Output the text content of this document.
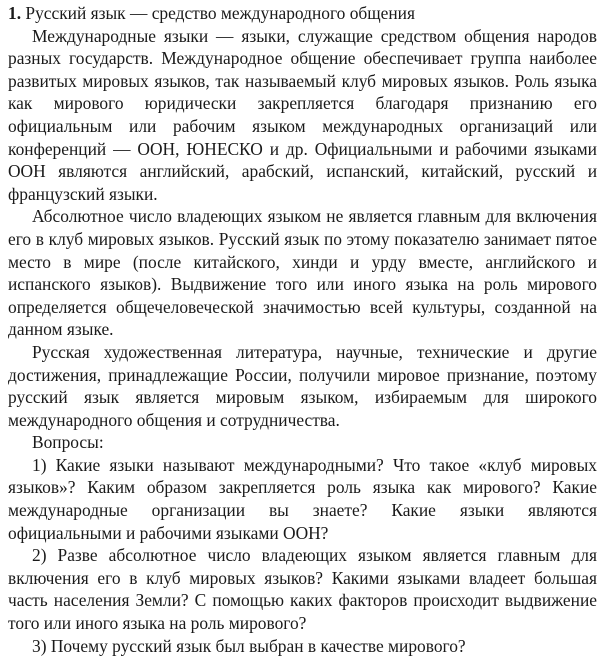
1. Русский язык — средство международного общения

Международные языки — языки, служащие средством общения народов разных государств. Международное общение обеспечивает группа наиболее развитых мировых языков, так называемый клуб мировых языков. Роль языка как мирового юридически закрепляется благодаря признанию его официальным или рабочим языком международных организаций или конференций — ООН, ЮНЕСКО и др. Официальными и рабочими языками ООН являются английский, арабский, испанский, китайский, русский и французский языки.

Абсолютное число владеющих языком не является главным для включения его в клуб мировых языков. Русский язык по этому показателю занимает пятое место в мире (после китайского, хинди и урду вместе, английского и испанского языков). Выдвижение того или иного языка на роль мирового определяется общечеловеческой значимостью всей культуры, созданной на данном языке.

Русская художественная литература, научные, технические и другие достижения, принадлежащие России, получили мировое признание, поэтому русский язык является мировым языком, избираемым для широкого международного общения и сотрудничества.

Вопросы:

1) Какие языки называют международными? Что такое «клуб мировых языков»? Каким образом закрепляется роль языка как мирового? Какие международные организации вы знаете? Какие языки являются официальными и рабочими языками ООН?

2) Разве абсолютное число владеющих языком является главным для включения его в клуб мировых языков? Какими языками владеет большая часть населения Земли? С помощью каких факторов происходит выдвижение того или иного языка на роль мирового?

3) Почему русский язык был выбран в качестве мирового?
